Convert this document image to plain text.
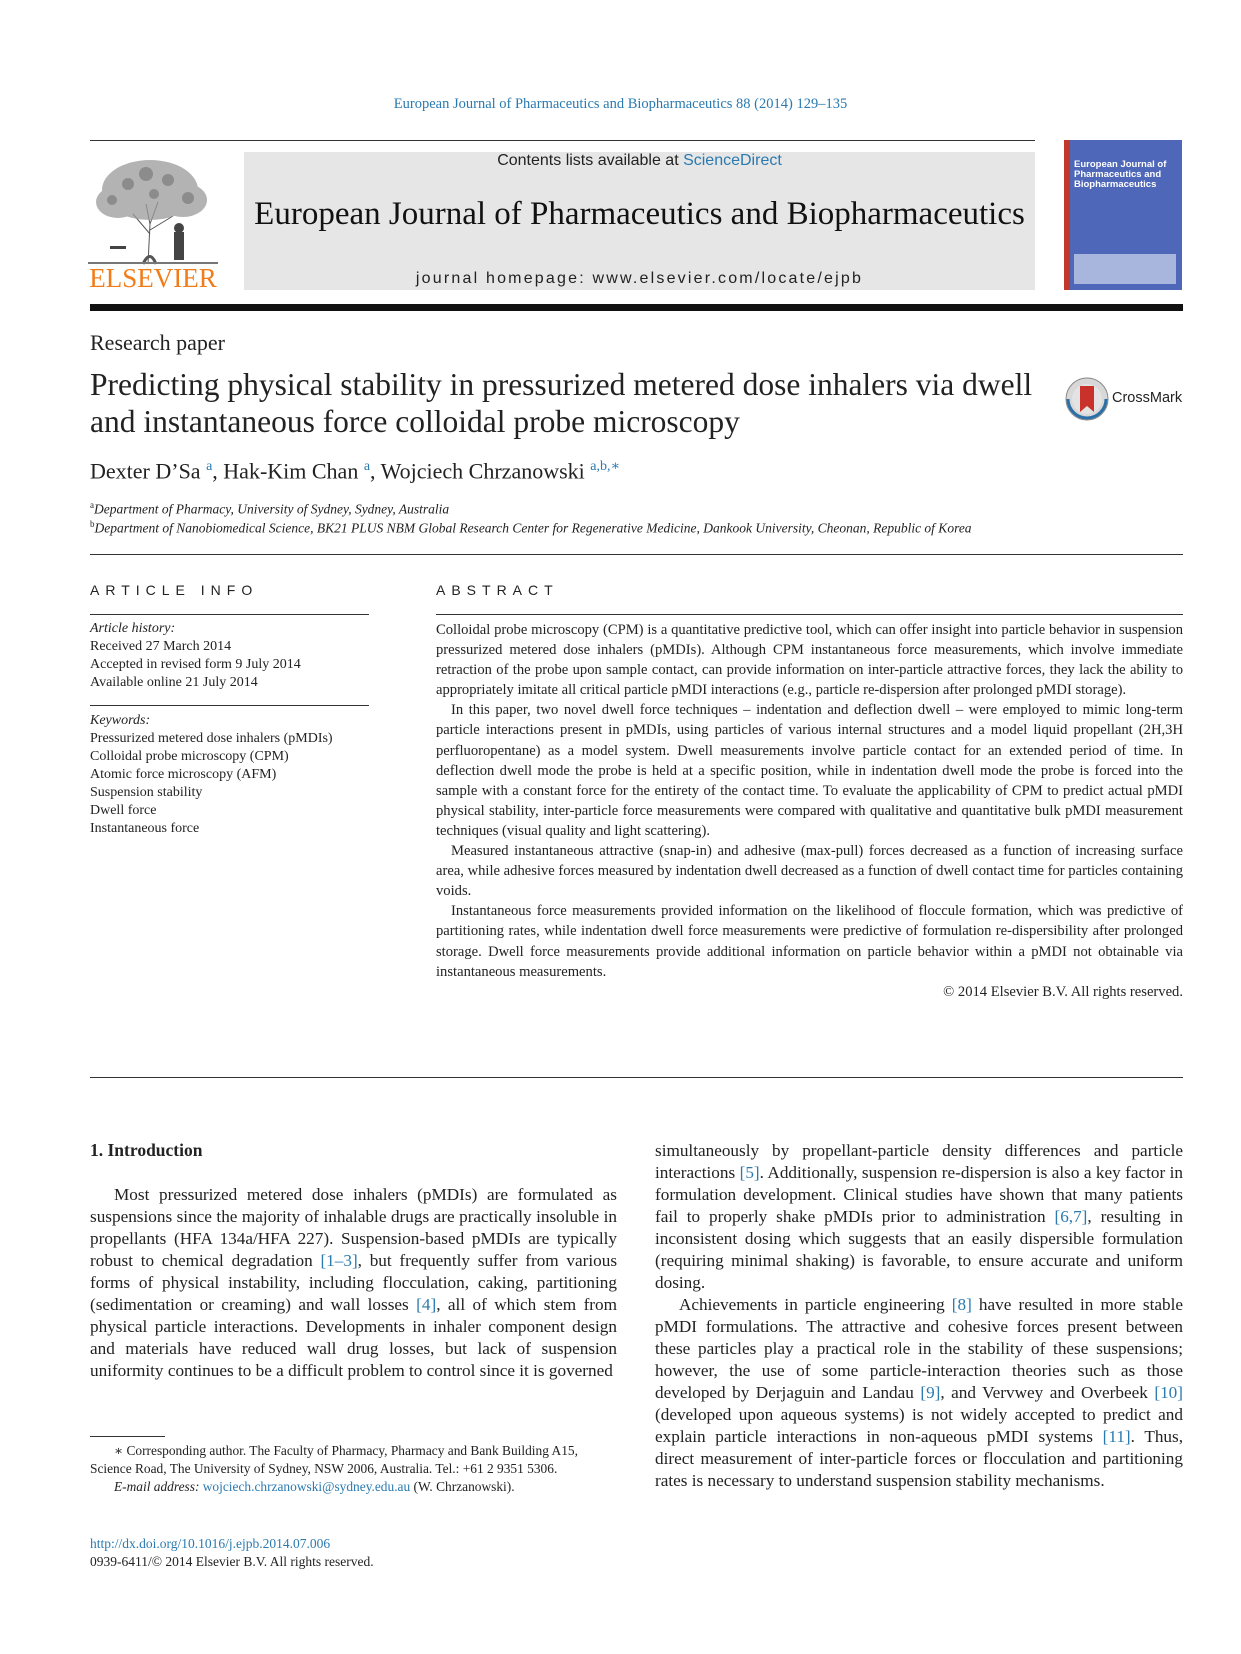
European Journal of Pharmaceutics and Biopharmaceutics 88 (2014) 129–135
ELSEVIER
Contents lists available at ScienceDirect
European Journal of Pharmaceutics and Biopharmaceutics
journal homepage: www.elsevier.com/locate/ejpb
European Journal of Pharmaceutics and Biopharmaceutics
Research paper
Predicting physical stability in pressurized metered dose inhalers via dwell and instantaneous force colloidal probe microscopy
CrossMark
Dexter D’Sa $^a$, Hak-Kim Chan $^a$, Wojciech Chrzanowski $^{a,b,∗}$
$^a$Department of Pharmacy, University of Sydney, Sydney, Australia
$^b$Department of Nanobiomedical Science, BK21 PLUS NBM Global Research Center for Regenerative Medicine, Dankook University, Cheonan, Republic of Korea
ARTICLE INFO
Article history:
Received 27 March 2014
Accepted in revised form 9 July 2014
Available online 21 July 2014
Keywords:
Pressurized metered dose inhalers (pMDIs)
Colloidal probe microscopy (CPM)
Atomic force microscopy (AFM)
Suspension stability
Dwell force
Instantaneous force
ABSTRACT

Colloidal probe microscopy (CPM) is a quantitative predictive tool, which can offer insight into particle behavior in suspension pressurized metered dose inhalers (pMDIs). Although CPM instantaneous force measurements, which involve immediate retraction of the probe upon sample contact, can provide information on inter-particle attractive forces, they lack the ability to appropriately imitate all critical particle pMDI interactions (e.g., particle re-dispersion after prolonged pMDI storage).

In this paper, two novel dwell force techniques – indentation and deflection dwell – were employed to mimic long-term particle interactions present in pMDIs, using particles of various internal structures and a model liquid propellant (2H,3H perfluoropentane) as a model system. Dwell measurements involve particle contact for an extended period of time. In deflection dwell mode the probe is held at a specific position, while in indentation dwell mode the probe is forced into the sample with a constant force for the entirety of the contact time. To evaluate the applicability of CPM to predict actual pMDI physical stability, inter-particle force measurements were compared with qualitative and quantitative bulk pMDI measurement techniques (visual quality and light scattering).

Measured instantaneous attractive (snap-in) and adhesive (max-pull) forces decreased as a function of increasing surface area, while adhesive forces measured by indentation dwell decreased as a function of dwell contact time for particles containing voids.

Instantaneous force measurements provided information on the likelihood of floccule formation, which was predictive of partitioning rates, while indentation dwell force measurements were predictive of formulation re-dispersibility after prolonged storage. Dwell force measurements provide additional information on particle behavior within a pMDI not obtainable via instantaneous measurements.

© 2014 Elsevier B.V. All rights reserved.

1. Introduction

Most pressurized metered dose inhalers (pMDIs) are formulated as suspensions since the majority of inhalable drugs are practically insoluble in propellants (HFA 134a/HFA 227). Suspension-based pMDIs are typically robust to chemical degradation [1–3], but frequently suffer from various forms of physical instability, including flocculation, caking, partitioning (sedimentation or creaming) and wall losses [4], all of which stem from physical particle interactions. Developments in inhaler component design and materials have reduced wall drug losses, but lack of suspension uniformity continues to be a difficult problem to control since it is governed

simultaneously by propellant-particle density differences and particle interactions [5]. Additionally, suspension re-dispersion is also a key factor in formulation development. Clinical studies have shown that many patients fail to properly shake pMDIs prior to administration [6,7], resulting in inconsistent dosing which suggests that an easily dispersible formulation (requiring minimal shaking) is favorable, to ensure accurate and uniform dosing.

Achievements in particle engineering [8] have resulted in more stable pMDI formulations. The attractive and cohesive forces present between these particles play a practical role in the stability of these suspensions; however, the use of some particle-interaction theories such as those developed by Derjaguin and Landau [9], and Vervwey and Overbeek [10] (developed upon aqueous systems) is not widely accepted to predict and explain particle interactions in non-aqueous pMDI systems [11]. Thus, direct measurement of inter-particle forces or flocculation and partitioning rates is necessary to understand suspension stability mechanisms.

∗ Corresponding author. The Faculty of Pharmacy, Pharmacy and Bank Building A15, Science Road, The University of Sydney, NSW 2006, Australia. Tel.: +61 2 9351 5306.
E-mail address: wojciech.chrzanowski@sydney.edu.au (W. Chrzanowski).
http://dx.doi.org/10.1016/j.ejpb.2014.07.006
0939-6411/© 2014 Elsevier B.V. All rights reserved.
